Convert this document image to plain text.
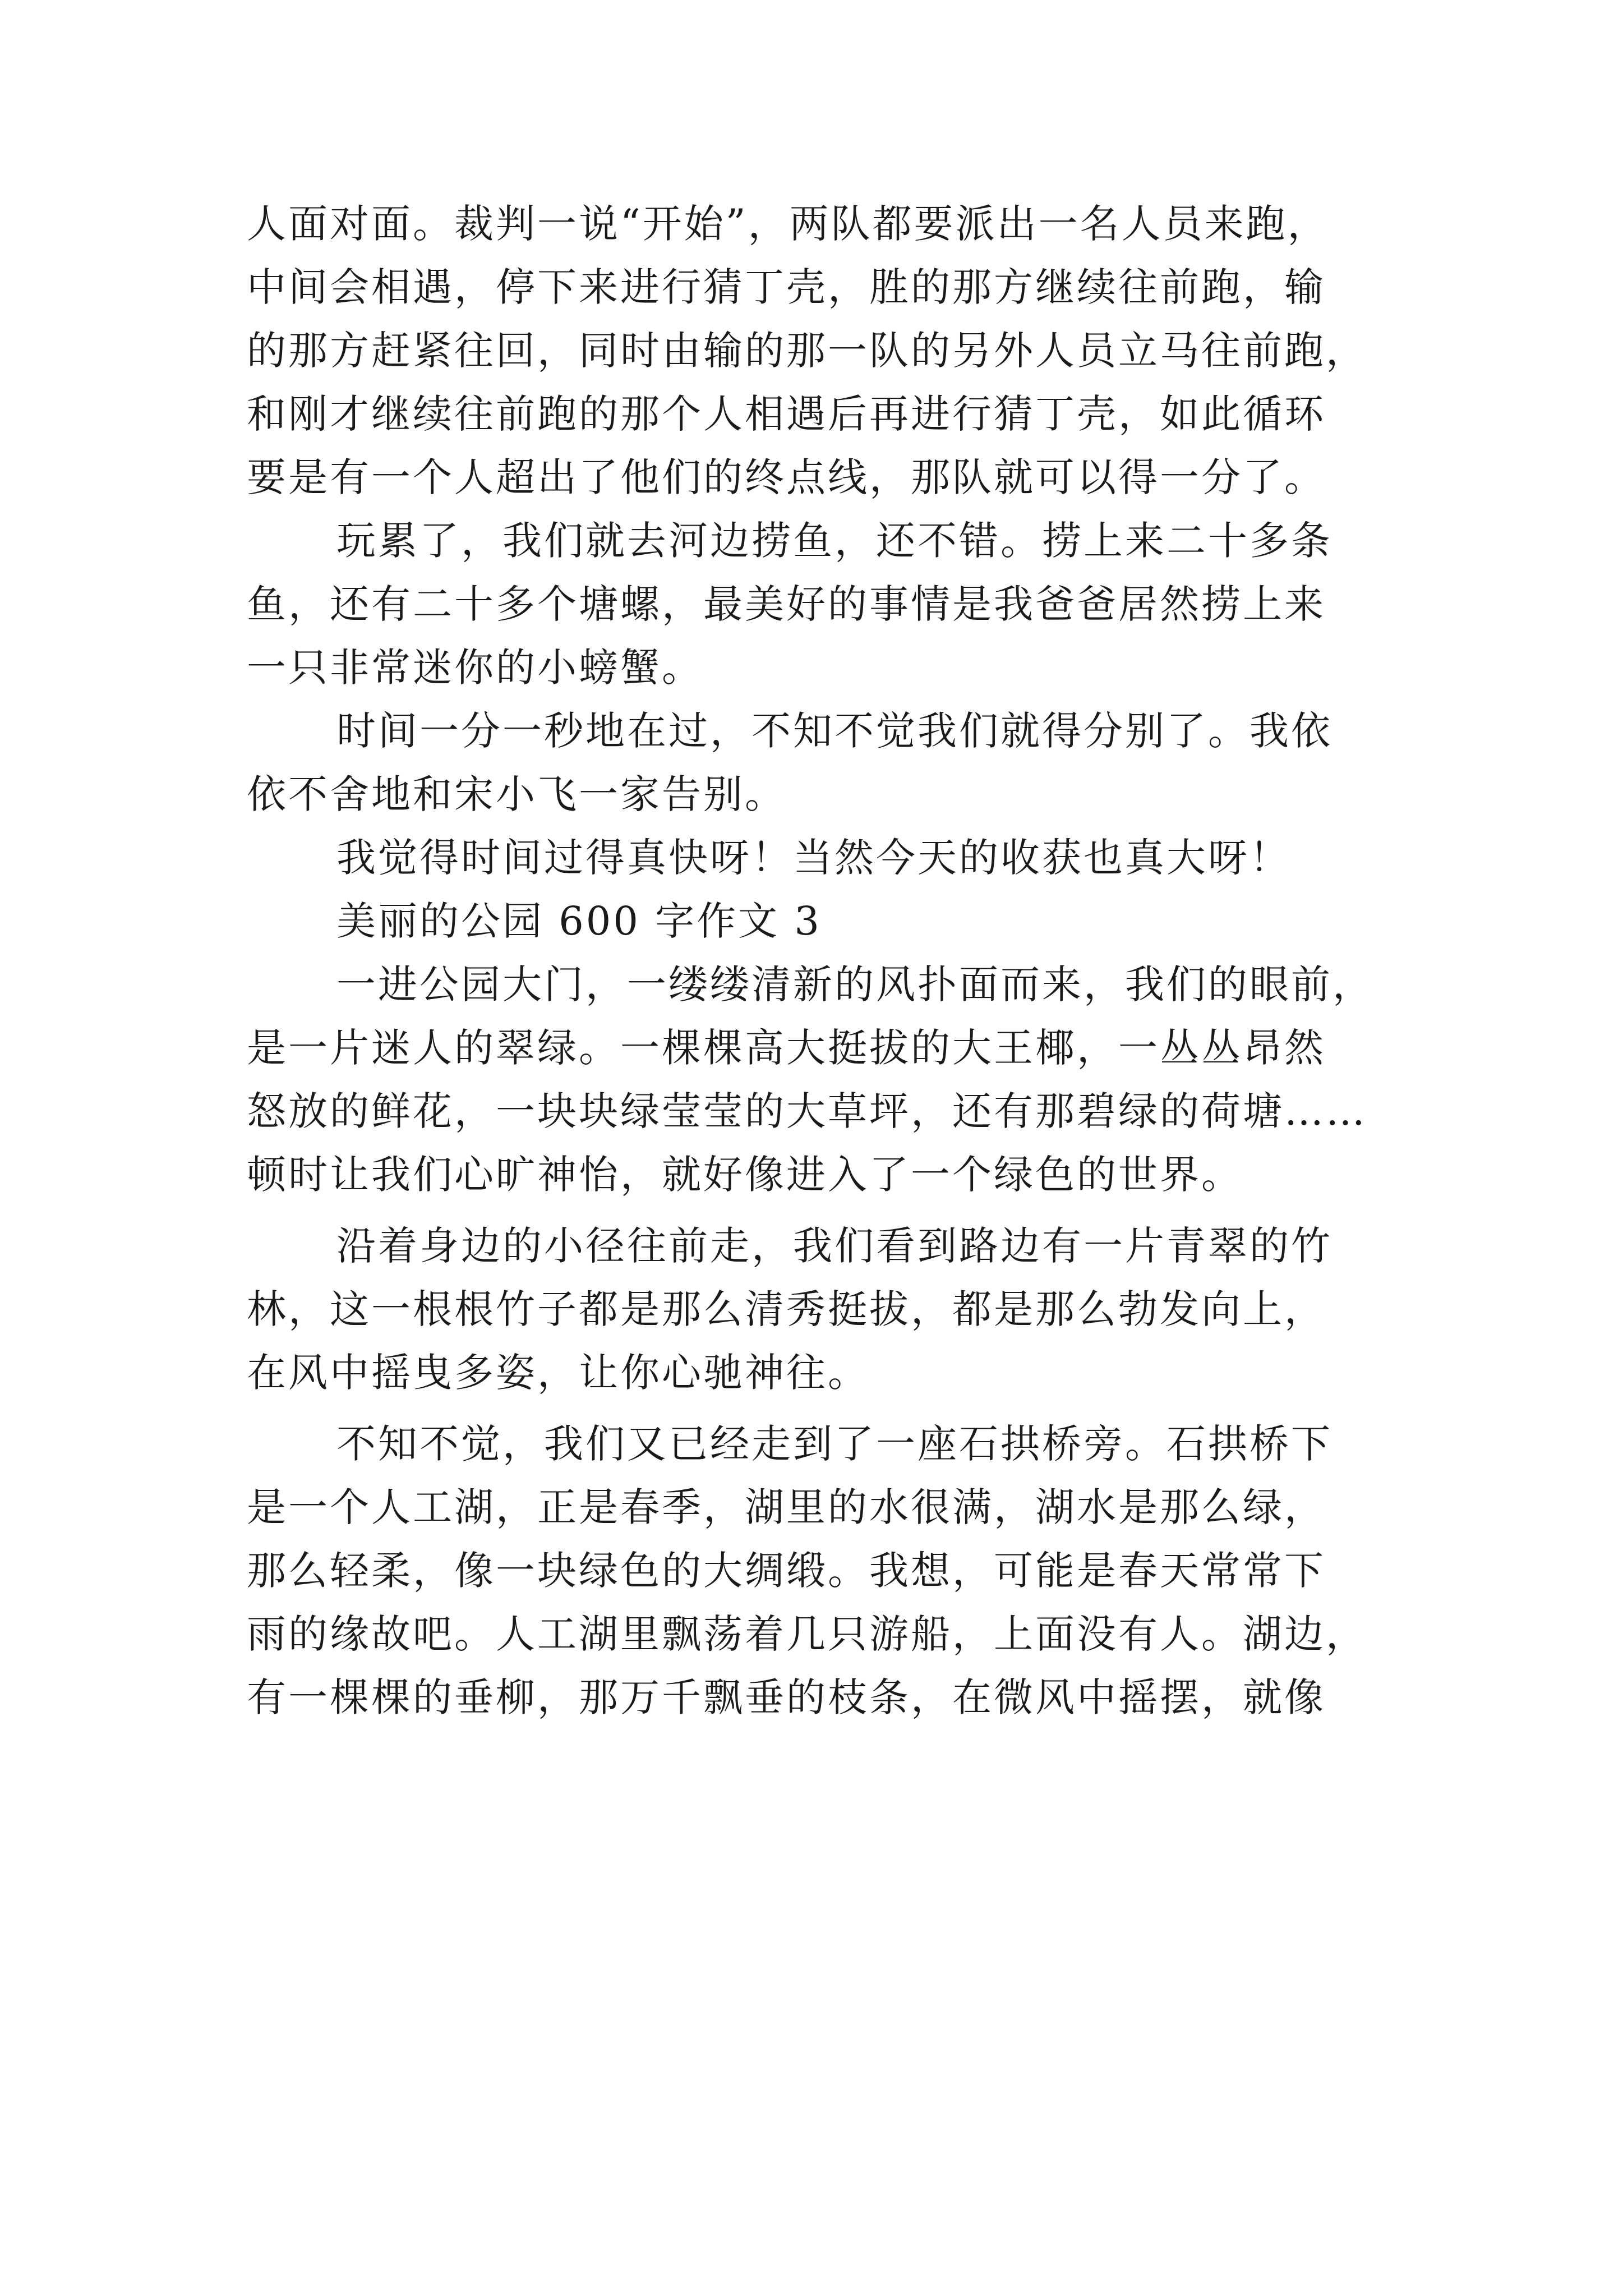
人面对面。裁判一说“开始”，两队都要派出一名人员来跑，
中间会相遇，停下来进行猜丁壳，胜的那方继续往前跑，输
的那方赶紧往回，同时由输的那一队的另外人员立马往前跑，
和刚才继续往前跑的那个人相遇后再进行猜丁壳，如此循环
要是有一个人超出了他们的终点线，那队就可以得一分了。
玩累了，我们就去河边捞鱼，还不错。捞上来二十多条
鱼，还有二十多个塘螺，最美好的事情是我爸爸居然捞上来
一只非常迷你的小螃蟹。
时间一分一秒地在过，不知不觉我们就得分别了。我依
依不舍地和宋小飞一家告别。
我觉得时间过得真快呀！当然今天的收获也真大呀！
美丽的公园 600 字作文 3
一进公园大门，一缕缕清新的风扑面而来，我们的眼前，
是一片迷人的翠绿。一棵棵高大挺拔的大王椰，一丛丛昂然
怒放的鲜花，一块块绿莹莹的大草坪，还有那碧绿的荷塘……
顿时让我们心旷神怡，就好像进入了一个绿色的世界。
沿着身边的小径往前走，我们看到路边有一片青翠的竹
林，这一根根竹子都是那么清秀挺拔，都是那么勃发向上，
在风中摇曳多姿，让你心驰神往。
不知不觉，我们又已经走到了一座石拱桥旁。石拱桥下
是一个人工湖，正是春季，湖里的水很满，湖水是那么绿，
那么轻柔，像一块绿色的大绸缎。我想，可能是春天常常下
雨的缘故吧。人工湖里飘荡着几只游船，上面没有人。湖边，
有一棵棵的垂柳，那万千飘垂的枝条，在微风中摇摆，就像
